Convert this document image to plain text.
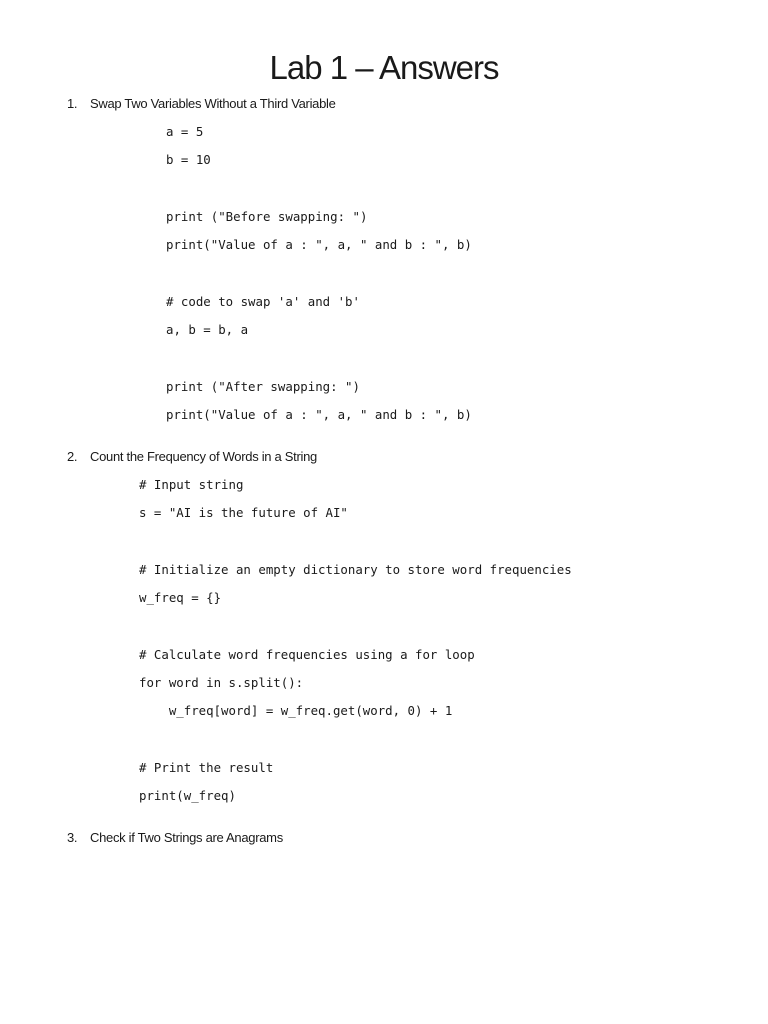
Lab 1 – Answers
1. Swap Two Variables Without a Third Variable
a = 5
b = 10
print ("Before swapping: ")
print("Value of a : ", a, " and b : ", b)
# code to swap 'a' and 'b'
a, b = b, a
print ("After swapping: ")
print("Value of a : ", a, " and b : ", b)
2. Count the Frequency of Words in a String
# Input string
s = "AI is the future of AI"
# Initialize an empty dictionary to store word frequencies
w_freq = {}
# Calculate word frequencies using a for loop
for word in s.split():
w_freq[word] = w_freq.get(word, 0) + 1
# Print the result
print(w_freq)
3. Check if Two Strings are Anagrams
